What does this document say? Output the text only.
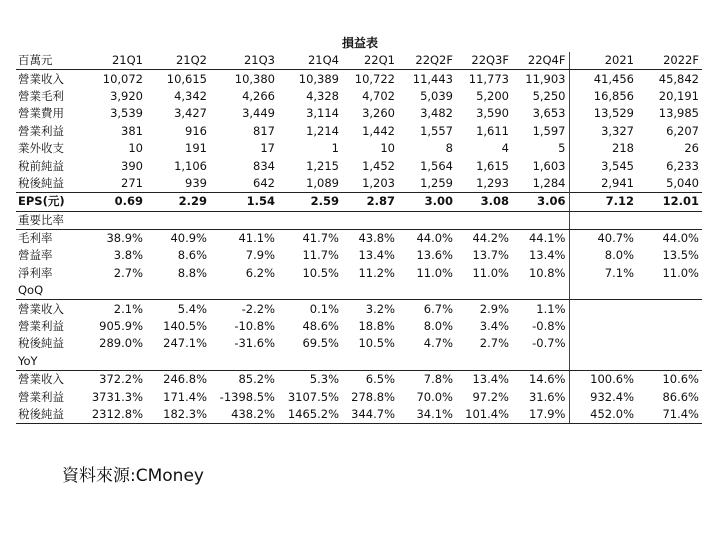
損益表
百萬元	21Q1	21Q2	21Q3	21Q4	22Q1	22Q2F	22Q3F	22Q4F	2021	2022F
營業收入	10,072	10,615	10,380	10,389	10,722	11,443	11,773	11,903	41,456	45,842
營業毛利	3,920	4,342	4,266	4,328	4,702	5,039	5,200	5,250	16,856	20,191
營業費用	3,539	3,427	3,449	3,114	3,260	3,482	3,590	3,653	13,529	13,985
營業利益	381	916	817	1,214	1,442	1,557	1,611	1,597	3,327	6,207
業外收支	10	191	17	1	10	8	4	5	218	26
稅前純益	390	1,106	834	1,215	1,452	1,564	1,615	1,603	3,545	6,233
稅後純益	271	939	642	1,089	1,203	1,259	1,293	1,284	2,941	5,040
EPS(元)	0.69	2.29	1.54	2.59	2.87	3.00	3.08	3.06	7.12	12.01
重要比率										
毛利率	38.9%	40.9%	41.1%	41.7%	43.8%	44.0%	44.2%	44.1%	40.7%	44.0%
營益率	3.8%	8.6%	7.9%	11.7%	13.4%	13.6%	13.7%	13.4%	8.0%	13.5%
淨利率	2.7%	8.8%	6.2%	10.5%	11.2%	11.0%	11.0%	10.8%	7.1%	11.0%
QoQ										
營業收入	2.1%	5.4%	-2.2%	0.1%	3.2%	6.7%	2.9%	1.1%		
營業利益	905.9%	140.5%	-10.8%	48.6%	18.8%	8.0%	3.4%	-0.8%		
稅後純益	289.0%	247.1%	-31.6%	69.5%	10.5%	4.7%	2.7%	-0.7%		
YoY										
營業收入	372.2%	246.8%	85.2%	5.3%	6.5%	7.8%	13.4%	14.6%	100.6%	10.6%
營業利益	3731.3%	171.4%	-1398.5%	3107.5%	278.8%	70.0%	97.2%	31.6%	932.4%	86.6%
稅後純益	2312.8%	182.3%	438.2%	1465.2%	344.7%	34.1%	101.4%	17.9%	452.0%	71.4%
資料來源:CMoney
